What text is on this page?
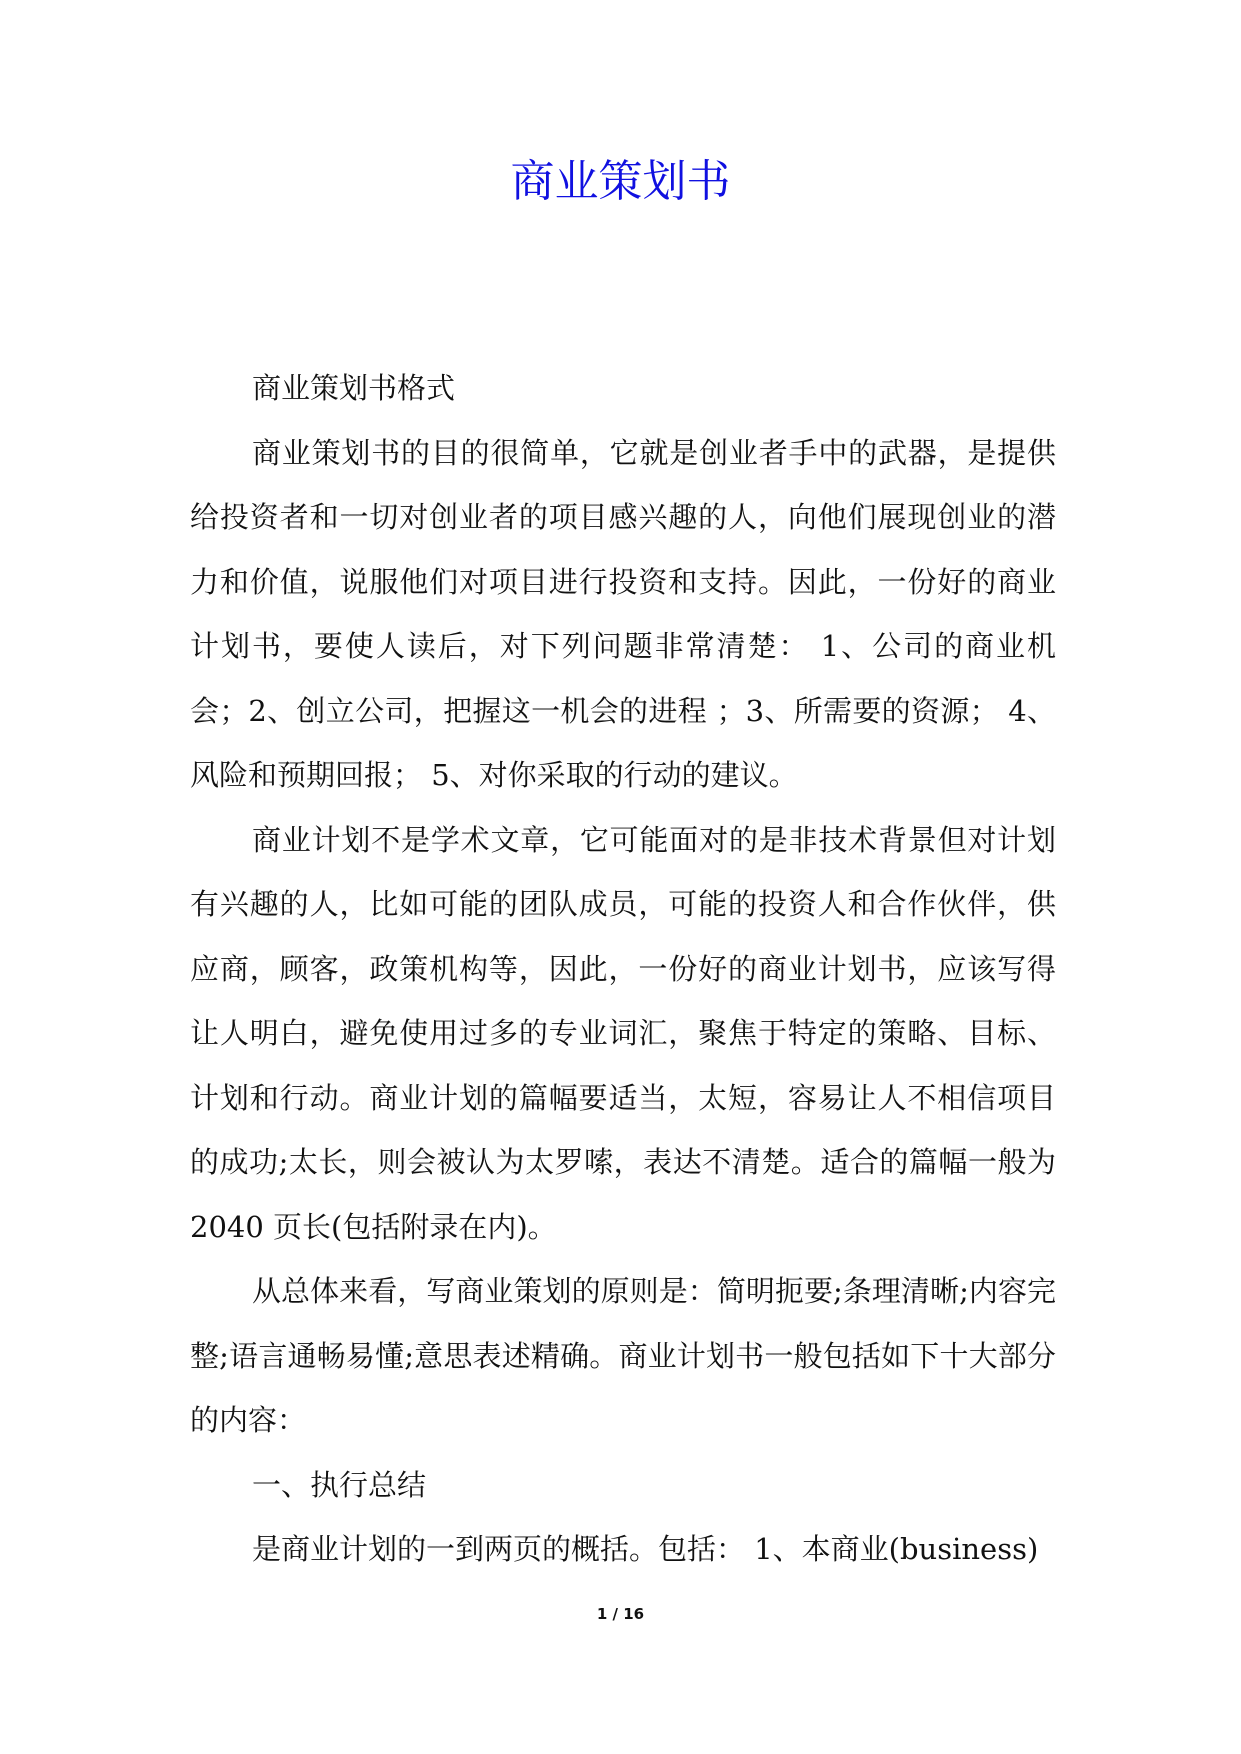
商业策划书

商业策划书格式

商业策划书的目的很简单，它就是创业者手中的武器，是提供给投资者和一切对创业者的项目感兴趣的人，向他们展现创业的潜力和价值，说服他们对项目进行投资和支持。因此，一份好的商业计划书，要使人读后，对下列问题非常清楚： 1、公司的商业机会；2、创立公司，把握这一机会的进程 ；3、所需要的资源； 4、风险和预期回报； 5、对你采取的行动的建议。

商业计划不是学术文章，它可能面对的是非技术背景但对计划有兴趣的人，比如可能的团队成员，可能的投资人和合作伙伴，供应商，顾客，政策机构等，因此，一份好的商业计划书，应该写得让人明白，避免使用过多的专业词汇，聚焦于特定的策略、目标、计划和行动。商业计划的篇幅要适当，太短，容易让人不相信项目的成功;太长，则会被认为太罗嗦，表达不清楚。适合的篇幅一般为 2040 页长(包括附录在内)。

从总体来看，写商业策划的原则是：简明扼要;条理清晰;内容完整;语言通畅易懂;意思表述精确。商业计划书一般包括如下十大部分的内容：

一、执行总结

是商业计划的一到两页的概括。包括： 1、本商业(business)

1 / 16
